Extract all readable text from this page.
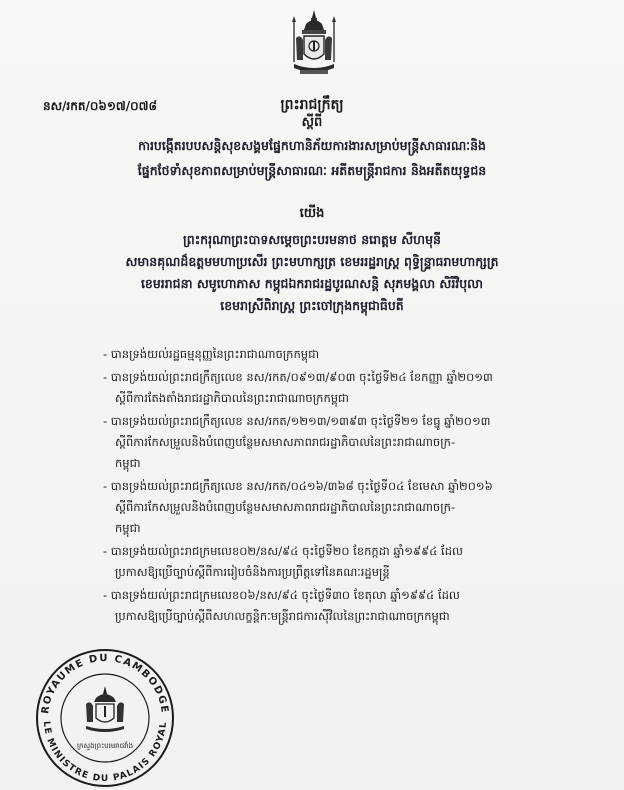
នស/រកត/០៦១៧/០៧៨	ព្រះរាជក្រឹត្យ
ស្ដីពី
ការបង្កើតរបបសន្តិសុខសង្គមផ្នែកហានិភ័យការងារសម្រាប់មន្ត្រីសាធារណៈនិង
ផ្នែកថែទាំសុខភាពសម្រាប់មន្ត្រីសាធារណៈ អតីតមន្ត្រីរាជការ និងអតីតយុទ្ធជន
យើង
ព្រះករុណាព្រះបាទសម្ដេចព្រះបរមនាថ នរោត្ដម សីហមុនី
សមានគុណដ៏ឧត្ដមមហាប្រសើរ ព្រះមហាក្សត្រ ខេមររដ្ឋរាស្ត្រ ពុទ្ធិន្ទ្រាធរាមហាក្សត្រ
ខេមររាជនា សមូហោភាស កម្ពុជឯករាជរដ្ឋបូរណសន្តិ សុភមង្គលា សិរីវិបុលា
ខេមរាស្រីពិរាស្ត្រ ព្រះចៅក្រុងកម្ពុជាធិបតី
- បានទ្រង់យល់រដ្ឋធម្មនុញ្ញនៃព្រះរាជាណាចក្រកម្ពុជា
- បានទ្រង់យល់ព្រះរាជក្រឹត្យលេខ នស/រកត/០៩១៣/៩០៣ ចុះថ្ងៃទី២៤ ខែកញ្ញា ឆ្នាំ២០១៣
ស្ដីពីការតែងតាំងរាជរដ្ឋាភិបាលនៃព្រះរាជាណាចក្រកម្ពុជា
- បានទ្រង់យល់ព្រះរាជក្រឹត្យលេខ នស/រកត/១២១៣/១៣៩៣ ចុះថ្ងៃទី២១ ខែធ្នូ ឆ្នាំ២០១៣
ស្ដីពីការកែសម្រួលនិងបំពេញបន្ថែមសមាសភាពរាជរដ្ឋាភិបាលនៃព្រះរាជាណាចក្រ-
កម្ពុជា
- បានទ្រង់យល់ព្រះរាជក្រឹត្យលេខ នស/រកត/០៤១៦/៣៦៨ ចុះថ្ងៃទី០៤ ខែមេសា ឆ្នាំ២០១៦
ស្ដីពីការកែសម្រួលនិងបំពេញបន្ថែមសមាសភាពរាជរដ្ឋាភិបាលនៃព្រះរាជាណាចក្រ-
កម្ពុជា
- បានទ្រង់យល់ព្រះរាជក្រមលេខ០២/នស/៩៤ ចុះថ្ងៃទី២០ ខែកក្កដា ឆ្នាំ១៩៩៤ ដែល
ប្រកាសឱ្យប្រើច្បាប់ស្ដីពីការរៀបចំនិងការប្រព្រឹត្តទៅនៃគណៈរដ្ឋមន្ត្រី
- បានទ្រង់យល់ព្រះរាជក្រមលេខ០៦/នស/៩៤ ចុះថ្ងៃទី៣០ ខែតុលា ឆ្នាំ១៩៩៤ ដែល
ប្រកាសឱ្យប្រើច្បាប់ស្ដីពីសហលក្ខន្តិកៈមន្ត្រីរាជការស៊ីវិលនៃព្រះរាជាណាចក្រកម្ពុជា
ROYAUME DU CAMBODGE
LE MINISTRE DU PALAIS ROYAL
ក្រសួងព្រះបរមរាជវាំង
